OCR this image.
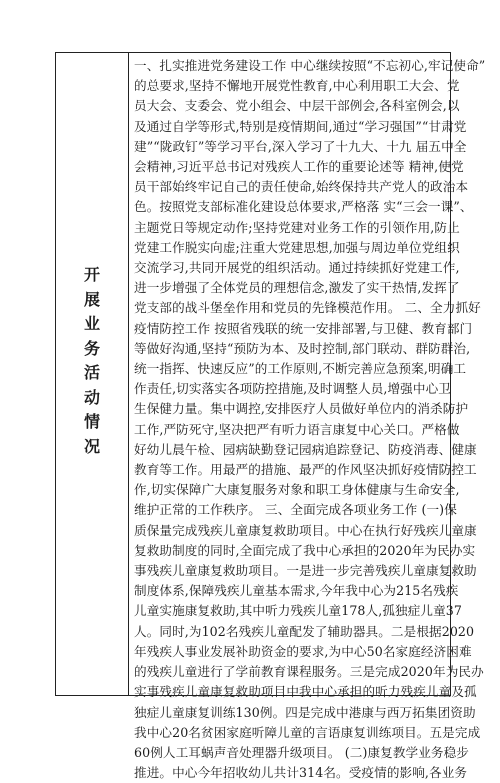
开
展
业
务
活
动
情
况
一、扎实推进党务建设工作 中心继续按照“不忘初心,牢记使命”
的总要求,坚持不懈地开展党性教育,中心利用职工大会、党
员大会、支委会、党小组会、中层干部例会,各科室例会,以
及通过自学等形式,特别是疫情期间,通过“学习强国”“甘肃党
建”“陇政钉”等学习平台,深入学习了十九大、十九 届五中全
会精神,习近平总书记对残疾人工作的重要论述等 精神,使党
员干部始终牢记自己的责任使命,始终保持共产党人的政治本
色。按照党支部标准化建设总体要求,严格落 实“三会一课”、
主题党日等规定动作;坚持党建对业务工作的引领作用,防止
党建工作脱实向虚;注重大党建思想,加强与周边单位党组织
交流学习,共同开展党的组织活动。通过持续抓好党建工作,
进一步增强了全体党员的理想信念,激发了实干热情,发挥了
党支部的战斗堡垒作用和党员的先锋模范作用。 二、全力抓好
疫情防控工作 按照省残联的统一安排部署,与卫健、教育部门
等做好沟通,坚持“预防为本、及时控制,部门联动、群防群治,
统一指挥、快速反应”的工作原则,不断完善应急预案,明确工
作责任,切实落实各项防控措施,及时调整人员,增强中心卫
生保健力量。集中调控,安排医疗人员做好单位内的消杀防护
工作,严防死守,坚决把严有听力语言康复中心关口。严格做
好幼儿晨午检、园病缺勤登记园病追踪登记、防疫消毒、健康
教育等工作。用最严的措施、最严的作风坚决抓好疫情防控工
作,切实保障广大康复服务对象和职工身体健康与生命安全,
维护正常的工作秩序。 三、全面完成各项业务工作 (一)保
质保量完成残疾儿童康复救助项目。中心在执行好残疾儿童康
复救助制度的同时,全面完成了我中心承担的2020年为民办实
事残疾儿童康复救助项目。一是进一步完善残疾儿童康复救助
制度体系,保障残疾儿童基本需求,今年我中心为215名残疾
儿童实施康复救助,其中听力残疾儿童178人,孤独症儿童37
人。同时,为102名残疾儿童配发了辅助器具。二是根据2020
年残疾人事业发展补助资金的要求,为中心50名家庭经济困难
的残疾儿童进行了学前教育课程服务。三是完成2020年为民办
实事残疾儿童康复救助项目中我中心承担的听力残疾儿童及孤
独症儿童康复训练130例。四是完成中港康与西万拓集团资助
我中心20名贫困家庭听障儿童的言语康复训练项目。五是完成
60例人工耳蜗声音处理器升级项目。 (二)康复教学业务稳步
推进。中心今年招收幼儿共计314名。受疫情的影响,各业务
